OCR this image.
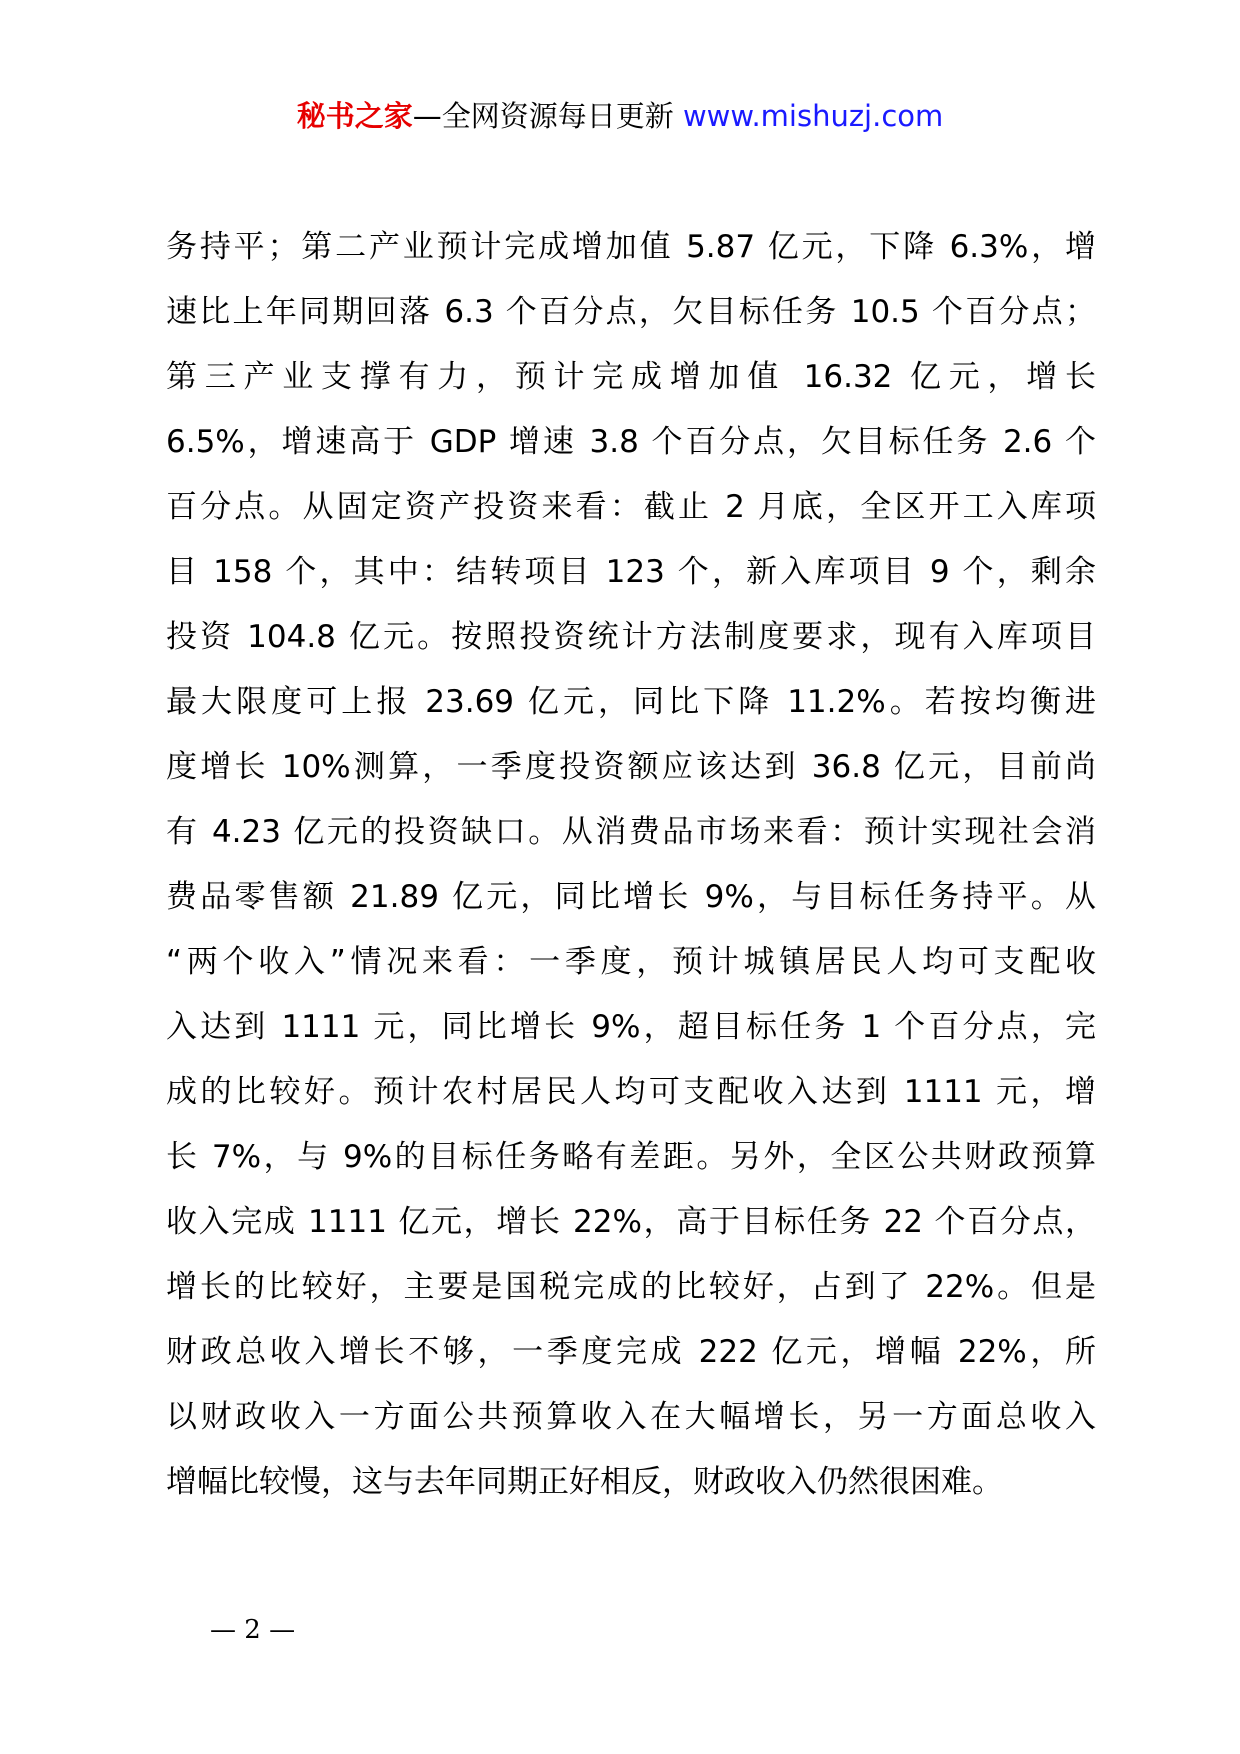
秘书之家—全网资源每日更新 www.mishuzj.com
务持平；第二产业预计完成增加值 5.87 亿元，下降 6.3%，增
速比上年同期回落 6.3 个百分点，欠目标任务 10.5 个百分点；
第三产业支撑有力，预计完成增加值 16.32 亿元，增长
6.5%，增速高于 GDP 增速 3.8 个百分点，欠目标任务 2.6 个
百分点。从固定资产投资来看：截止 2 月底，全区开工入库项
目 158 个，其中：结转项目 123 个，新入库项目 9 个，剩余
投资 104.8 亿元。按照投资统计方法制度要求，现有入库项目
最大限度可上报 23.69 亿元，同比下降 11.2%。若按均衡进
度增长 10%测算，一季度投资额应该达到 36.8 亿元，目前尚
有 4.23 亿元的投资缺口。从消费品市场来看：预计实现社会消
费品零售额 21.89 亿元，同比增长 9%，与目标任务持平。从
“两个收入”情况来看：一季度，预计城镇居民人均可支配收
入达到 1111 元，同比增长 9%，超目标任务 1 个百分点，完
成的比较好。预计农村居民人均可支配收入达到 1111 元，增
长 7%，与 9%的目标任务略有差距。另外，全区公共财政预算
收入完成 1111 亿元，增长 22%，高于目标任务 22 个百分点，
增长的比较好，主要是国税完成的比较好，占到了 22%。但是
财政总收入增长不够，一季度完成 222 亿元，增幅 22%，所
以财政收入一方面公共预算收入在大幅增长，另一方面总收入
增幅比较慢，这与去年同期正好相反，财政收入仍然很困难。
— 2 —
